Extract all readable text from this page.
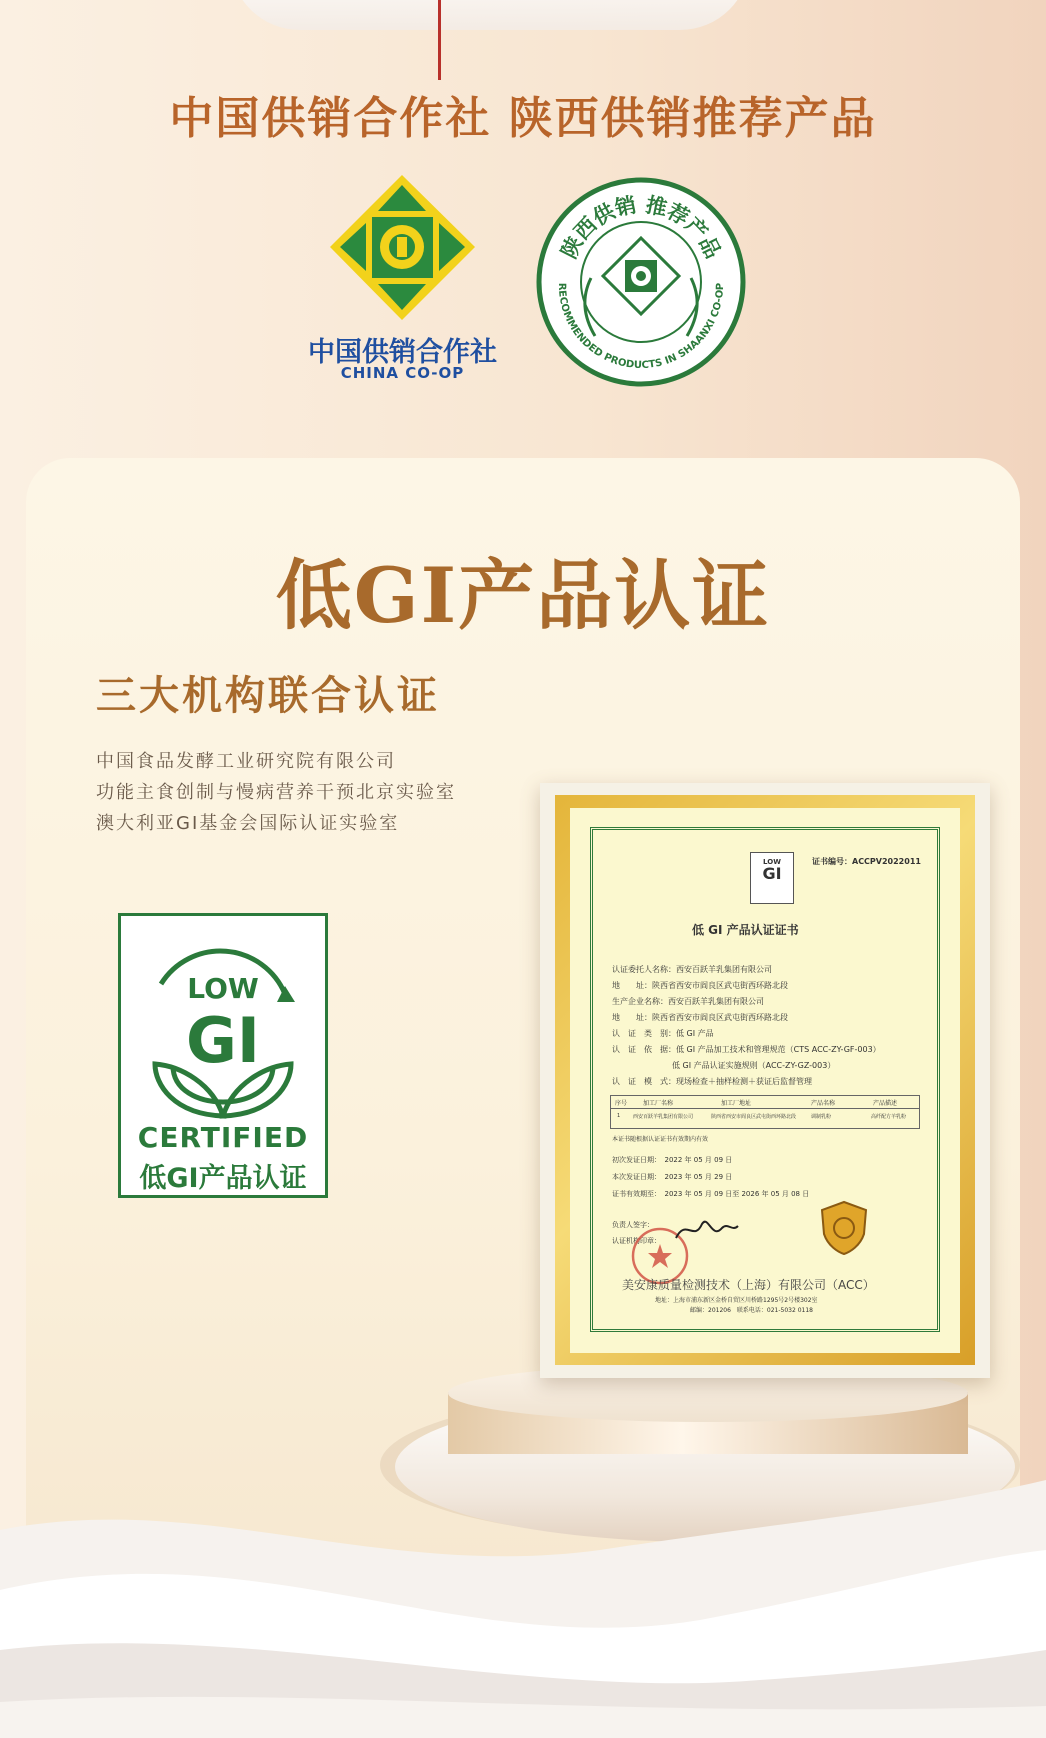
中国供销合作社 陕西供销推荐产品
中国供销合作社
CHINA CO-OP
陕西供销 推荐产品
RECOMMENDED PRODUCTS IN SHAANXI CO-OP
低GI产品认证
三大机构联合认证
中国食品发酵工业研究院有限公司
功能主食创制与慢病营养干预北京实验室
澳大利亚GI基金会国际认证实验室
LOW
GI
CERTIFIED
低GI产品认证
LOW
GI
证书编号：ACCPV2022011
低 GI 产品认证证书
认证委托人名称：西安百跃羊乳集团有限公司
地　　址：陕西省西安市阎良区武屯街西环路北段
生产企业名称：西安百跃羊乳集团有限公司
地　　址：陕西省西安市阎良区武屯街西环路北段
认　证　类　别：低 GI 产品
认　证　依　据：低 GI 产品加工技术和管理规范（CTS ACC-ZY-GF-003）
低 GI 产品认证实施规则（ACC-ZY-GZ-003）
认　证　模　式：现场检查＋抽样检测＋获证后监督管理
序号	加工厂名称	加工厂地址	产品名称	产品描述
1	西安百跃羊乳集团有限公司	陕西省西安市阎良区武屯街西环路北段	调制乳粉	高纤配方羊乳粉
本证书随根据认证证书有效期内有效
初次发证日期：　2022 年 05 月 09 日
本次发证日期：　2023 年 05 月 29 日
证书有效期至：　2023 年 05 月 09 日至 2026 年 05 月 08 日
负责人签字：
认证机构印章：
美安康质量检测技术（上海）有限公司（ACC）
地址：上海市浦东新区金桥自贸区川桥路1295号2号楼302室
邮编：201206　联系电话：021-5032 0118
